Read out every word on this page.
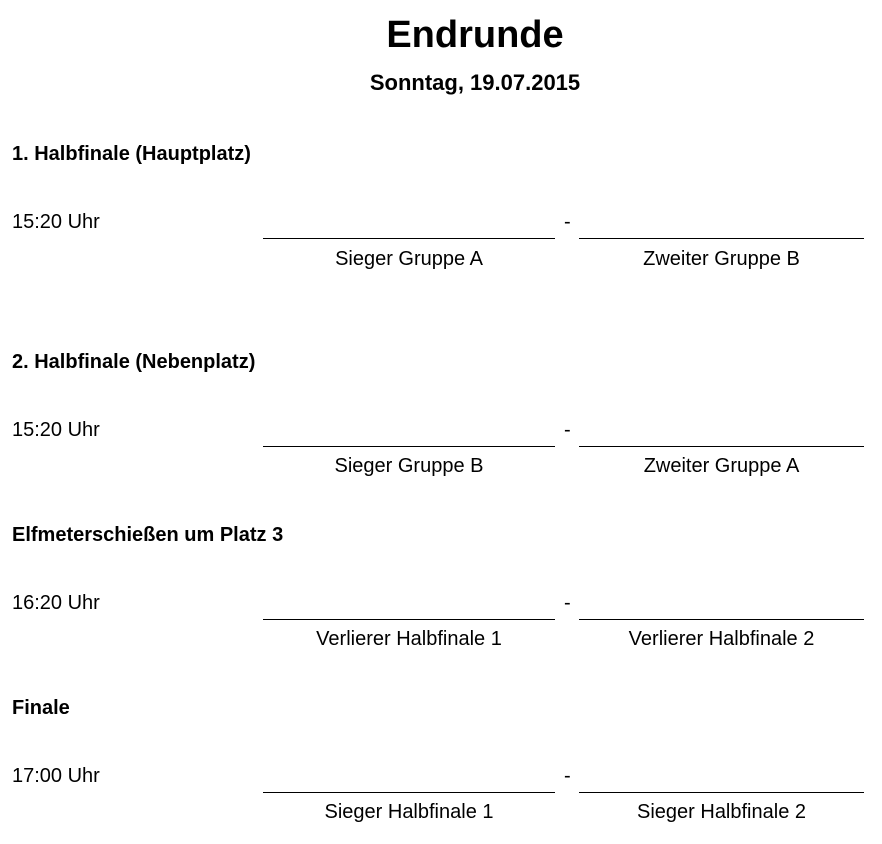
Endrunde
Sonntag, 19.07.2015
1. Halbfinale (Hauptplatz)
15:20 Uhr	-
Sieger Gruppe A	Zweiter Gruppe B
2. Halbfinale (Nebenplatz)
15:20 Uhr	-
Sieger Gruppe B	Zweiter Gruppe A
Elfmeterschießen um Platz 3
16:20 Uhr	-
Verlierer Halbfinale 1	Verlierer Halbfinale 2
Finale
17:00 Uhr	-
Sieger Halbfinale 1	Sieger Halbfinale 2
